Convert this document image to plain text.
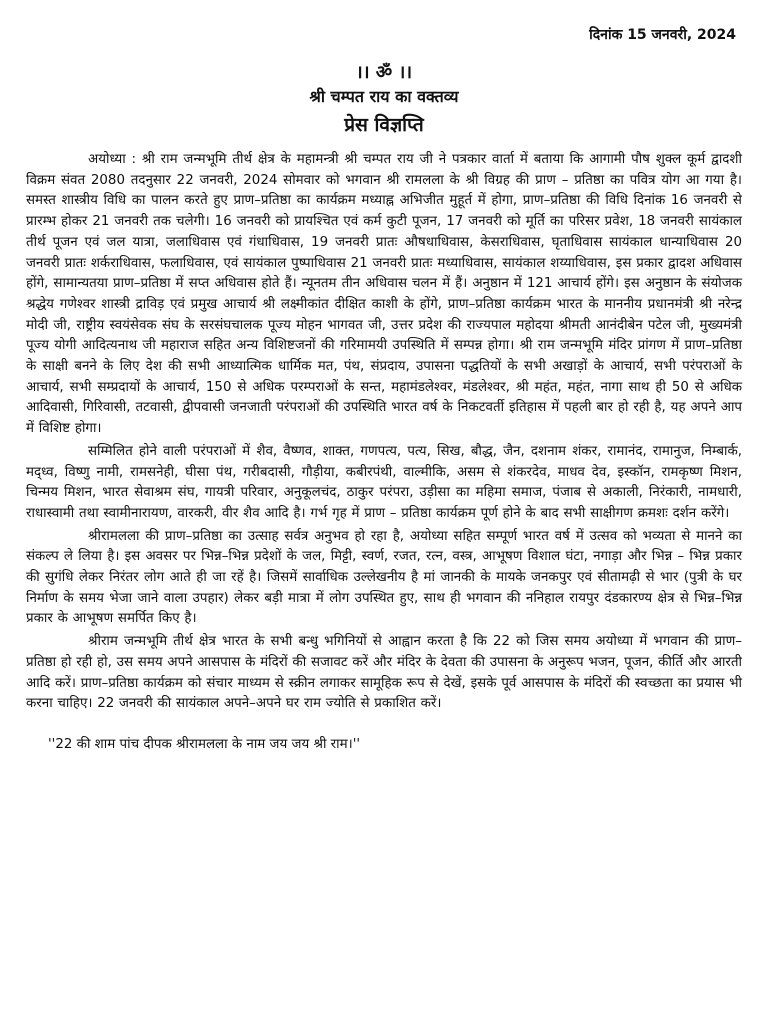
दिनांक 15 जनवरी, 2024
।। ॐ ।।
श्री चम्पत राय का वक्तव्य
प्रेस विज्ञप्ति

अयोध्या : श्री राम जन्मभूमि तीर्थ क्षेत्र के महामन्त्री श्री चम्पत राय जी ने पत्रकार वार्ता में बताया कि आगामी पौष शुक्ल कूर्म द्वादशी विक्रम संवत 2080 तदनुसार 22 जनवरी, 2024 सोमवार को भगवान श्री रामलला के श्री विग्रह की प्राण – प्रतिष्ठा का पवित्र योग आ गया है। समस्त शास्त्रीय विधि का पालन करते हुए प्राण–प्रतिष्ठा का कार्यक्रम मध्याह्न अभिजीत मुहूर्त में होगा, प्राण–प्रतिष्ठा की विधि दिनांक 16 जनवरी से प्रारम्भ होकर 21 जनवरी तक चलेगी। 16 जनवरी को प्रायश्चित एवं कर्म कुटी पूजन, 17 जनवरी को मूर्ति का परिसर प्रवेश, 18 जनवरी सायंकाल तीर्थ पूजन एवं जल यात्रा, जलाधिवास एवं गंधाधिवास, 19 जनवरी प्रातः औषधाधिवास, केसराधिवास, घृताधिवास सायंकाल धान्याधिवास 20 जनवरी प्रातः शर्कराधिवास, फलाधिवास, एवं सायंकाल पुष्पाधिवास 21 जनवरी प्रातः मध्याधिवास, सायंकाल शय्याधिवास, इस प्रकार द्वादश अधिवास होंगे, सामान्यतया प्राण–प्रतिष्ठा में सप्त अधिवास होते हैं। न्यूनतम तीन अधिवास चलन में हैं। अनुष्ठान में 121 आचार्य होंगे। इस अनुष्ठान के संयोजक श्रद्धेय गणेश्वर शास्त्री द्राविड़ एवं प्रमुख आचार्य श्री लक्ष्मीकांत दीक्षित काशी के होंगे, प्राण–प्रतिष्ठा कार्यक्रम भारत के माननीय प्रधानमंत्री श्री नरेन्द्र मोदी जी, राष्ट्रीय स्वयंसेवक संघ के सरसंघचालक पूज्य मोहन भागवत जी, उत्तर प्रदेश की राज्यपाल महोदया श्रीमती आनंदीबेन पटेल जी, मुख्यमंत्री पूज्य योगी आदित्यनाथ जी महाराज सहित अन्य विशिष्टजनों की गरिमामयी उपस्थिति में सम्पन्न होगा। श्री राम जन्मभूमि मंदिर प्रांगण में प्राण–प्रतिष्ठा के साक्षी बनने के लिए देश की सभी आध्यात्मिक धार्मिक मत, पंथ, संप्रदाय, उपासना पद्धतियों के सभी अखाड़ों के आचार्य, सभी परंपराओं के आचार्य, सभी सम्प्रदायों के आचार्य, 150 से अधिक परम्पराओं के सन्त, महामंडलेश्वर, मंडलेश्वर, श्री महंत, महंत, नागा साथ ही 50 से अधिक आदिवासी, गिरिवासी, तटवासी, द्वीपवासी जनजाती परंपराओं की उपस्थिति भारत वर्ष के निकटवर्ती इतिहास में पहली बार हो रही है, यह अपने आप में विशिष्ट होगा।

सम्मिलित होने वाली परंपराओं में शैव, वैष्णव, शाक्त, गणपत्य, पत्य, सिख, बौद्ध, जैन, दशनाम शंकर, रामानंद, रामानुज, निम्बार्क, मद्ध्व, विष्णु नामी, रामसनेही, घीसा पंथ, गरीबदासी, गौड़ीया, कबीरपंथी, वाल्मीकि, असम से शंकरदेव, माधव देव, इस्कॉन, रामकृष्ण मिशन, चिन्मय मिशन, भारत सेवाश्रम संघ, गायत्री परिवार, अनुकूलचंद, ठाकुर परंपरा, उड़ीसा का महिमा समाज, पंजाब से अकाली, निरंकारी, नामधारी, राधास्वामी तथा स्वामीनारायण, वारकरी, वीर शैव आदि है। गर्भ गृह में प्राण – प्रतिष्ठा कार्यक्रम पूर्ण होने के बाद सभी साक्षीगण क्रमशः दर्शन करेंगे।

श्रीरामलला की प्राण–प्रतिष्ठा का उत्साह सर्वत्र अनुभव हो रहा है, अयोध्या सहित सम्पूर्ण भारत वर्ष में उत्सव को भव्यता से मानने का संकल्प ले लिया है। इस अवसर पर भिन्न–भिन्न प्रदेशों के जल, मिट्टी, स्वर्ण, रजत, रत्न, वस्त्र, आभूषण विशाल घंटा, नगाड़ा और भिन्न – भिन्न प्रकार की सुगंधि लेकर निरंतर लोग आते ही जा रहें है। जिसमें सार्वाधिक उल्लेखनीय है मां जानकी के मायके जनकपुर एवं सीतामढ़ी से भार (पुत्री के घर निर्माण के समय भेजा जाने वाला उपहार) लेकर बड़ी मात्रा में लोग उपस्थित हुए, साथ ही भगवान की ननिहाल रायपुर दंडकारण्य क्षेत्र से भिन्न–भिन्न प्रकार के आभूषण समर्पित किए है।

श्रीराम जन्मभूमि तीर्थ क्षेत्र भारत के सभी बन्धु भगिनियों से आह्वान करता है कि 22 को जिस समय अयोध्या में भगवान की प्राण–प्रतिष्ठा हो रही हो, उस समय अपने आसपास के मंदिरों की सजावट करें और मंदिर के देवता की उपासना के अनुरूप भजन, पूजन, कीर्ति और आरती आदि करें। प्राण–प्रतिष्ठा कार्यक्रम को संचार माध्यम से स्क्रीन लगाकर सामूहिक रूप से देखें, इसके पूर्व आसपास के मंदिरों की स्वच्छता का प्रयास भी करना चाहिए। 22 जनवरी की सायंकाल अपने–अपने घर राम ज्योति से प्रकाशित करें।

''22 की शाम पांच दीपक श्रीरामलला के नाम जय जय श्री राम।''
